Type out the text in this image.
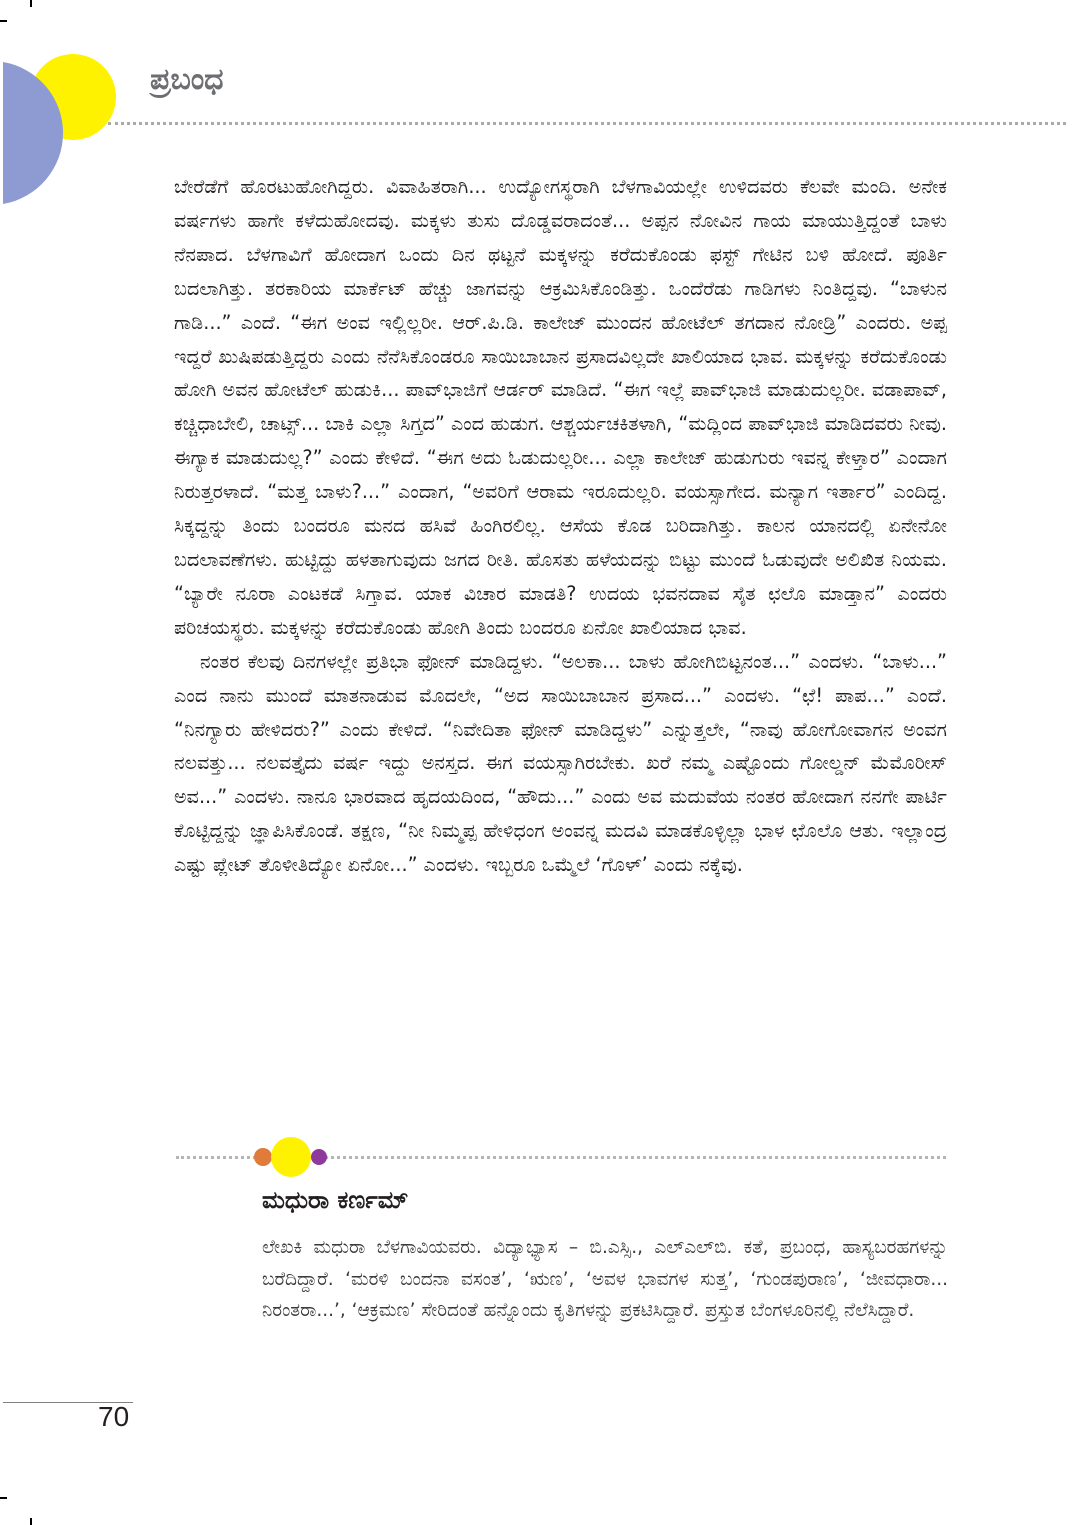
ಪ್ರಬಂಧ

ಬೇರೆಡೆಗೆ ಹೊರಟುಹೋಗಿದ್ದರು. ವಿವಾಹಿತರಾಗಿ... ಉದ್ಯೋಗಸ್ಥರಾಗಿ ಬೆಳಗಾವಿಯಲ್ಲೇ ಉಳಿದವರು ಕೆಲವೇ ಮಂದಿ. ಅನೇಕ ವರ್ಷಗಳು ಹಾಗೇ ಕಳೆದುಹೋದವು. ಮಕ್ಕಳು ತುಸು ದೊಡ್ಡವರಾದಂತೆ... ಅಪ್ಪನ ನೋವಿನ ಗಾಯ ಮಾಯುತ್ತಿದ್ದಂತೆ ಬಾಳು ನೆನಪಾದ. ಬೆಳಗಾವಿಗೆ ಹೋದಾಗ ಒಂದು ದಿನ ಥಟ್ಟನೆ ಮಕ್ಕಳನ್ನು ಕರೆದುಕೊಂಡು ಫಸ್ಟ್ ಗೇಟಿನ ಬಳಿ ಹೋದೆ. ಪೂರ್ತಿ ಬದಲಾಗಿತ್ತು. ತರಕಾರಿಯ ಮಾರ್ಕೆಟ್ ಹೆಚ್ಚು ಜಾಗವನ್ನು ಆಕ್ರಮಿಸಿಕೊಂಡಿತ್ತು. ಒಂದೆರೆಡು ಗಾಡಿಗಳು ನಿಂತಿದ್ದವು. “ಬಾಳುನ ಗಾಡಿ...” ಎಂದೆ. “ಈಗ ಅಂವ ಇಲ್ಲಿಲ್ಲರೀ. ಆರ್.ಪಿ.ಡಿ. ಕಾಲೇಜ್ ಮುಂದನ ಹೋಟೆಲ್ ತಗದಾನ ನೋಡ್ರಿ” ಎಂದರು. ಅಪ್ಪ ಇದ್ದರೆ ಖುಷಿಪಡುತ್ತಿದ್ದರು ಎಂದು ನೆನೆಸಿಕೊಂಡರೂ ಸಾಯಿಬಾಬಾನ ಪ್ರಸಾದವಿಲ್ಲದೇ ಖಾಲಿಯಾದ ಭಾವ. ಮಕ್ಕಳನ್ನು ಕರೆದುಕೊಂಡು ಹೋಗಿ ಅವನ ಹೋಟೆಲ್ ಹುಡುಕಿ... ಪಾವ್‌ಭಾಜಿಗೆ ಆರ್ಡರ್ ಮಾಡಿದೆ. “ಈಗ ಇಲ್ಲೆ ಪಾವ್‌ಭಾಜಿ ಮಾಡುದುಲ್ಲರೀ. ವಡಾಪಾವ್, ಕಚ್ಚಿಧಾಬೇಲಿ, ಚಾಟ್ಸ್... ಬಾಕಿ ಎಲ್ಲಾ ಸಿಗ್ತದ” ಎಂದ ಹುಡುಗ. ಆಶ್ಚರ್ಯಚಕಿತಳಾಗಿ, “ಮದ್ಲಿಂದ ಪಾವ್‌ಭಾಜಿ ಮಾಡಿದವರು ನೀವು. ಈಗ್ಯಾಕ ಮಾಡುದುಲ್ಲ?” ಎಂದು ಕೇಳಿದೆ. “ಈಗ ಅದು ಓಡುದುಲ್ಲರೀ... ಎಲ್ಲಾ ಕಾಲೇಜ್ ಹುಡುಗುರು ಇವನ್ನ ಕೇಳ್ತಾರ” ಎಂದಾಗ ನಿರುತ್ತರಳಾದೆ. “ಮತ್ತ ಬಾಳು?...” ಎಂದಾಗ, “ಅವರಿಗೆ ಆರಾಮ ಇರೂದುಲ್ಲರಿ. ವಯಸ್ಸಾಗೇದ. ಮನ್ಯಾಗ ಇರ್ತಾರ” ಎಂದಿದ್ದ. ಸಿಕ್ಕದ್ದನ್ನು ತಿಂದು ಬಂದರೂ ಮನದ ಹಸಿವೆ ಹಿಂಗಿರಲಿಲ್ಲ. ಆಸೆಯ ಕೊಡ ಬರಿದಾಗಿತ್ತು. ಕಾಲನ ಯಾನದಲ್ಲಿ ಏನೇನೋ ಬದಲಾವಣೆಗಳು. ಹುಟ್ಟಿದ್ದು ಹಳತಾಗುವುದು ಜಗದ ರೀತಿ. ಹೊಸತು ಹಳೆಯದನ್ನು ಬಿಟ್ಟು ಮುಂದೆ ಓಡುವುದೇ ಅಲಿಖಿತ ನಿಯಮ. “ಬ್ಯಾರೇ ನೂರಾ ಎಂಟಕಡೆ ಸಿಗ್ತಾವ. ಯಾಕ ವಿಚಾರ ಮಾಡತಿ? ಉದಯ ಭವನದಾವ ಸೈತ ಛಲೊ ಮಾಡ್ತಾನ” ಎಂದರು ಪರಿಚಯಸ್ಥರು. ಮಕ್ಕಳನ್ನು ಕರೆದುಕೊಂಡು ಹೋಗಿ ತಿಂದು ಬಂದರೂ ಏನೋ ಖಾಲಿಯಾದ ಭಾವ.

ನಂತರ ಕೆಲವು ದಿನಗಳಲ್ಲೇ ಪ್ರತಿಭಾ ಫೋನ್ ಮಾಡಿದ್ದಳು. “ಅಲಕಾ... ಬಾಳು ಹೋಗಿಬಿಟ್ಟನಂತ...” ಎಂದಳು. “ಬಾಳು...” ಎಂದ ನಾನು ಮುಂದೆ ಮಾತನಾಡುವ ಮೊದಲೇ, “ಅದ ಸಾಯಿಬಾಬಾನ ಪ್ರಸಾದ...” ಎಂದಳು. “ಛೆ! ಪಾಪ...” ಎಂದೆ. “ನಿನಗ್ಯಾರು ಹೇಳಿದರು?” ಎಂದು ಕೇಳಿದೆ. “ನಿವೇದಿತಾ ಫೋನ್ ಮಾಡಿದ್ದಳು” ಎನ್ನುತ್ತಲೇ, “ನಾವು ಹೋಗೋವಾಗನ ಅಂವಗ ನಲವತ್ತು... ನಲವತ್ತೈದು ವರ್ಷ ಇದ್ದು ಅನಸ್ತದ. ಈಗ ವಯಸ್ಸಾಗಿರಬೇಕು. ಖರೆ ನಮ್ಮ ಎಷ್ಟೊಂದು ಗೋಲ್ಡನ್ ಮೆಮೊರೀಸ್ ಅವ...” ಎಂದಳು. ನಾನೂ ಭಾರವಾದ ಹೃದಯದಿಂದ, “ಹೌದು...” ಎಂದು ಅವ ಮದುವೆಯ ನಂತರ ಹೋದಾಗ ನನಗೇ ಪಾರ್ಟಿ ಕೊಟ್ಟಿದ್ದನ್ನು ಜ್ಞಾಪಿಸಿಕೊಂಡೆ. ತಕ್ಷಣ, “ನೀ ನಿಮ್ಮಪ್ಪ ಹೇಳಿಧಂಗ ಅಂವನ್ನ ಮದವಿ ಮಾಡಕೊಳ್ಳಿಲ್ಲಾ ಭಾಳ ಛೊಲೊ ಆತು. ಇಲ್ಲಾಂದ್ರ ಎಷ್ಟು ಪ್ಲೇಟ್ ತೊಳೀತಿದ್ಯೋ ಏನೋ...” ಎಂದಳು. ಇಬ್ಬರೂ ಒಮ್ಮೆಲೆ ‘ಗೊಳ್’ ಎಂದು ನಕ್ಕೆವು.

ಮಧುರಾ ಕರ್ಣಮ್

ಲೇಖಕಿ ಮಧುರಾ ಬೆಳಗಾವಿಯವರು. ವಿದ್ಯಾಭ್ಯಾಸ – ಬಿ.ಎಸ್ಸಿ., ಎಲ್‌ಎಲ್‌ಬಿ. ಕತೆ, ಪ್ರಬಂಧ, ಹಾಸ್ಯಬರಹಗಳನ್ನು ಬರೆದಿದ್ದಾರೆ. ‘ಮರಳಿ ಬಂದನಾ ವಸಂತ’, ‘ಋಣ’, ‘ಅವಳ ಭಾವಗಳ ಸುತ್ತ’, ‘ಗುಂಡಪುರಾಣ’, ‘ಜೀವಧಾರಾ... ನಿರಂತರಾ...’, ‘ಆಕ್ರಮಣ’ ಸೇರಿದಂತೆ ಹನ್ನೊಂದು ಕೃತಿಗಳನ್ನು ಪ್ರಕಟಿಸಿದ್ದಾರೆ. ಪ್ರಸ್ತುತ ಬೆಂಗಳೂರಿನಲ್ಲಿ ನೆಲೆಸಿದ್ದಾರೆ.

70
